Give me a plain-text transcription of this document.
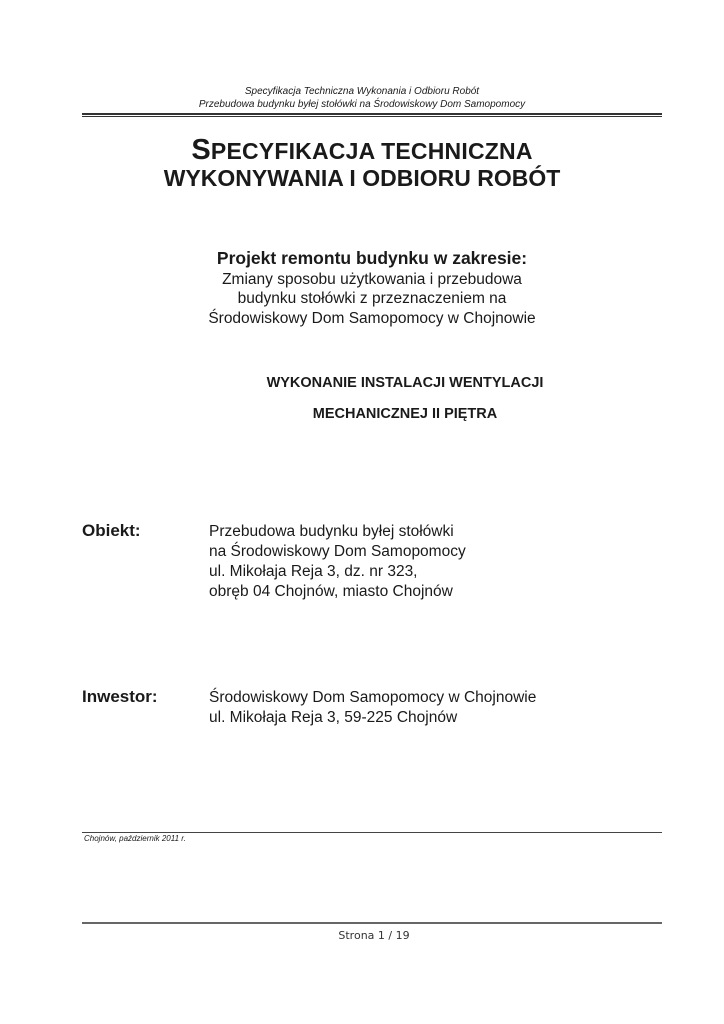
Specyfikacja Techniczna Wykonania i Odbioru Robót
Przebudowa budynku byłej stołówki na Środowiskowy Dom Samopomocy
SPECYFIKACJA TECHNICZNA
WYKONYWANIA I ODBIORU ROBÓT
Projekt remontu budynku w zakresie:
Zmiany sposobu użytkowania i przebudowa
budynku stołówki z przeznaczeniem na
Środowiskowy Dom Samopomocy w Chojnowie
WYKONANIE INSTALACJI WENTYLACJI
MECHANICZNEJ II PIĘTRA
Obiekt:	Przebudowa budynku byłej stołówki
na Środowiskowy Dom Samopomocy
ul. Mikołaja Reja 3, dz. nr 323,
obręb 04 Chojnów, miasto Chojnów
Inwestor:	Środowiskowy Dom Samopomocy w Chojnowie
ul. Mikołaja Reja 3, 59-225 Chojnów
Chojnów, październik 2011 r.
Strona 1 / 19
